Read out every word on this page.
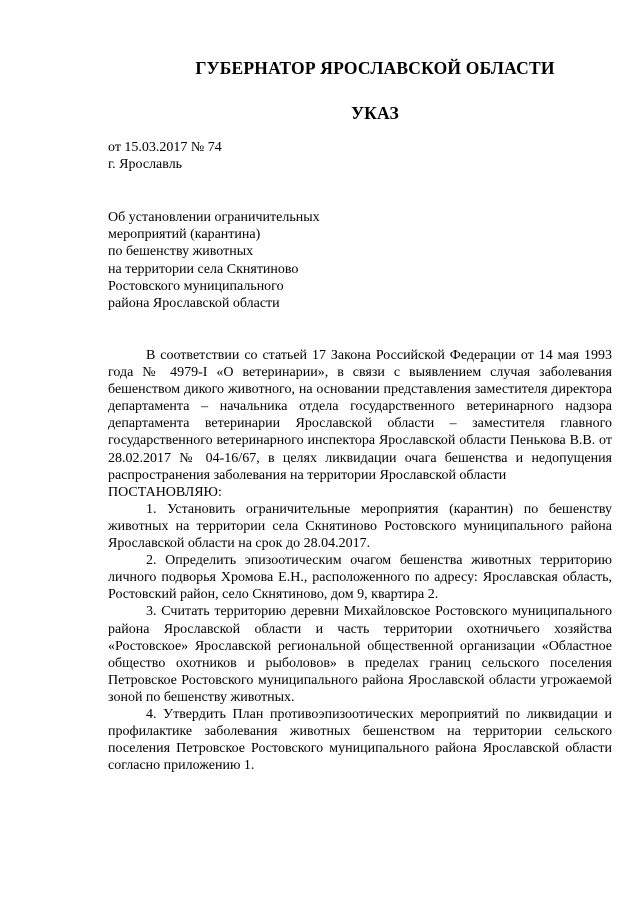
ГУБЕРНАТОР ЯРОСЛАВСКОЙ ОБЛАСТИ
УКАЗ
от 15.03.2017 № 74
г. Ярославль
Об установлении ограничительных
мероприятий (карантина)
по бешенству животных
на территории села Скнятиново
Ростовского муниципального
района Ярославской области

В соответствии со статьей 17 Закона Российской Федерации от 14 мая 1993 года № 4979-I «О ветеринарии», в связи с выявлением случая заболевания бешенством дикого животного, на основании представления заместителя директора департамента – начальника отдела государственного ветеринарного надзора департамента ветеринарии Ярославской области – заместителя главного государственного ветеринарного инспектора Ярославской области Пенькова В.В. от 28.02.2017 № 04-16/67, в целях ликвидации очага бешенства и недопущения распространения заболевания на территории Ярославской области

ПОСТАНОВЛЯЮ:

1. Установить ограничительные мероприятия (карантин) по бешенству животных на территории села Скнятиново Ростовского муниципального района Ярославской области на срок до 28.04.2017.

2. Определить эпизоотическим очагом бешенства животных территорию личного подворья Хромова Е.Н., расположенного по адресу: Ярославская область, Ростовский район, село Скнятиново, дом 9, квартира 2.

3. Считать территорию деревни Михайловское Ростовского муниципального района Ярославской области и часть территории охотничьего хозяйства «Ростовское» Ярославской региональной общественной организации «Областное общество охотников и рыболовов» в пределах границ сельского поселения Петровское Ростовского муниципального района Ярославской области угрожаемой зоной по бешенству животных.

4. Утвердить План противоэпизоотических мероприятий по ликвидации и профилактике заболевания животных бешенством на территории сельского поселения Петровское Ростовского муниципального района Ярославской области согласно приложению 1.
